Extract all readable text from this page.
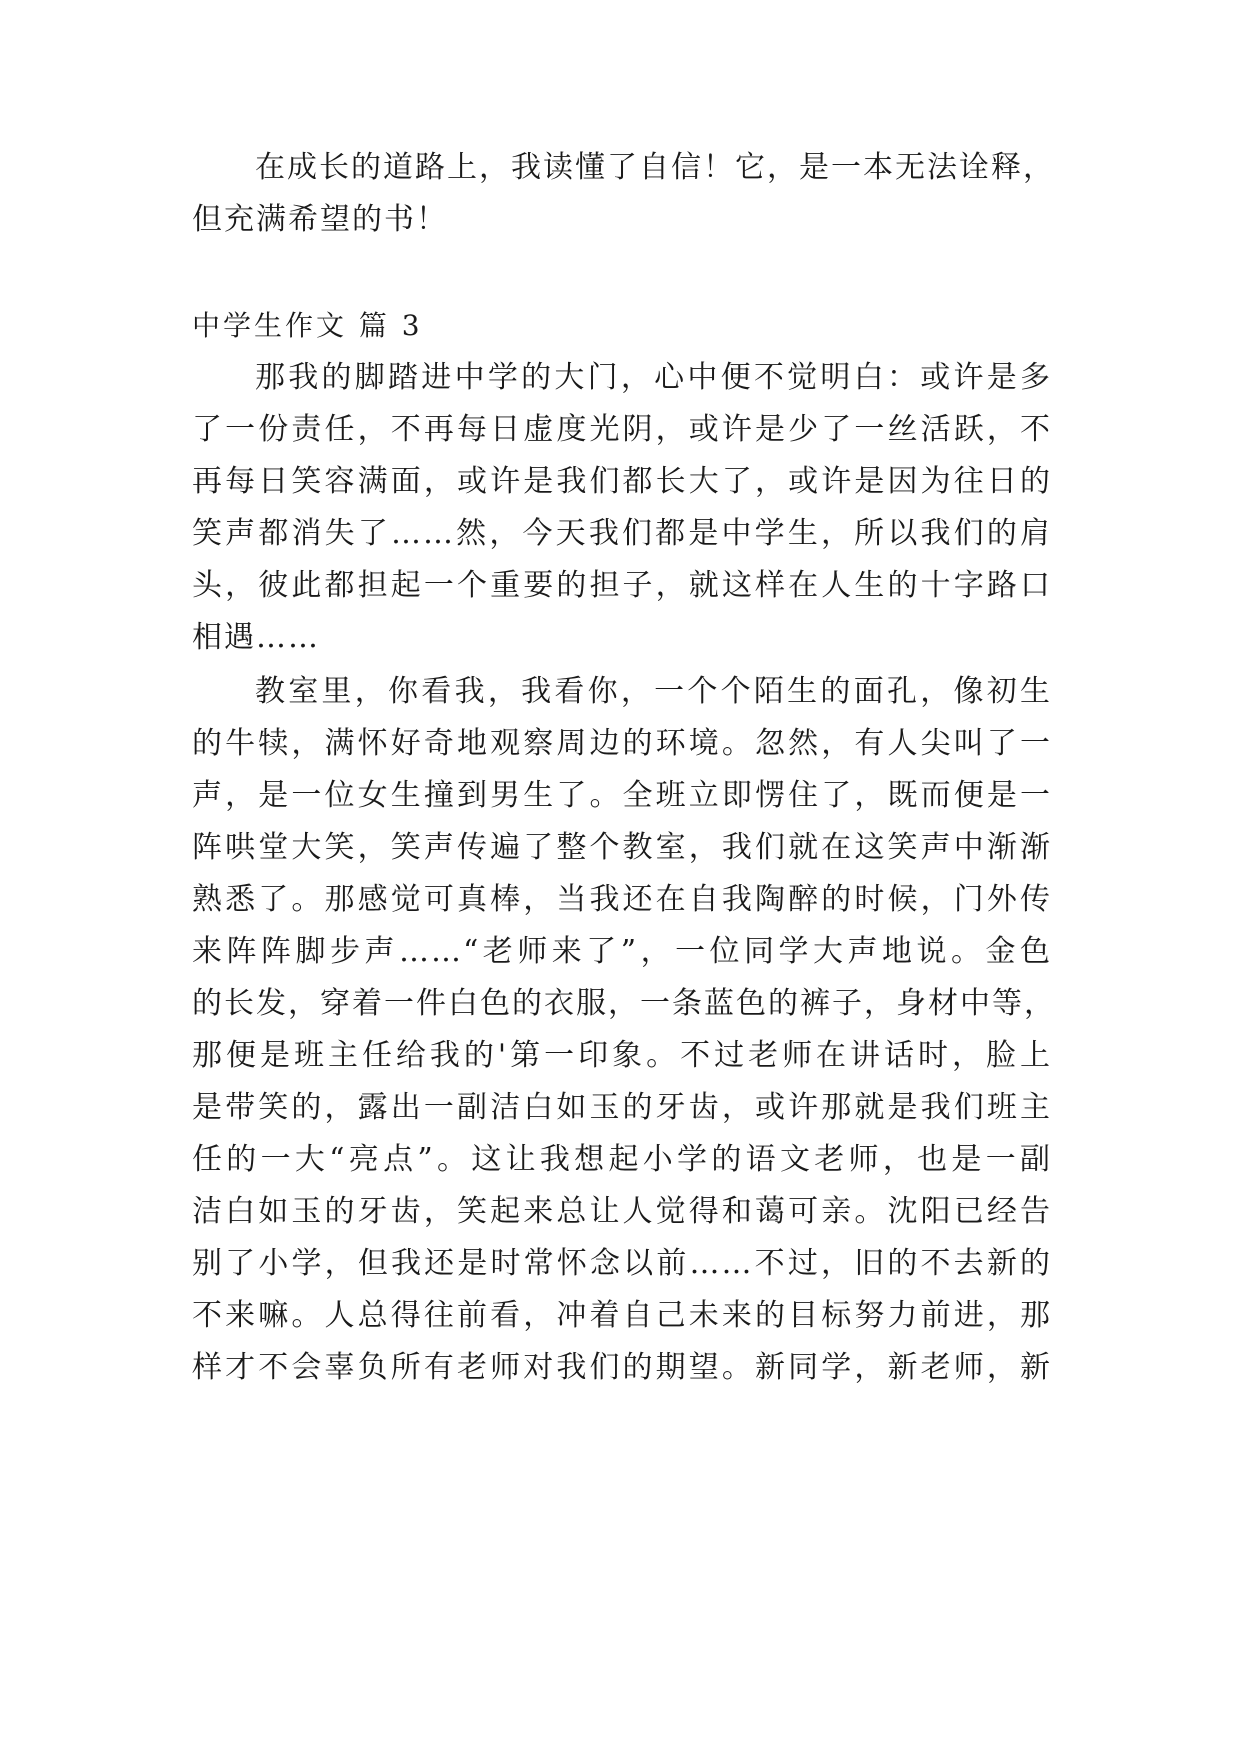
在成长的道路上，我读懂了自信！它，是一本无法诠释，
但充满希望的书！
中学生作文 篇 3
那我的脚踏进中学的大门，心中便不觉明白：或许是多
了一份责任，不再每日虚度光阴，或许是少了一丝活跃，不
再每日笑容满面，或许是我们都长大了，或许是因为往日的
笑声都消失了……然，今天我们都是中学生，所以我们的肩
头，彼此都担起一个重要的担子，就这样在人生的十字路口
相遇……
教室里，你看我，我看你，一个个陌生的面孔，像初生
的牛犊，满怀好奇地观察周边的环境。忽然，有人尖叫了一
声，是一位女生撞到男生了。全班立即愣住了，既而便是一
阵哄堂大笑，笑声传遍了整个教室，我们就在这笑声中渐渐
熟悉了。那感觉可真棒，当我还在自我陶醉的时候，门外传
来阵阵脚步声……“老师来了”，一位同学大声地说。金色
的长发，穿着一件白色的衣服，一条蓝色的裤子，身材中等，
那便是班主任给我的'第一印象。不过老师在讲话时，脸上
是带笑的，露出一副洁白如玉的牙齿，或许那就是我们班主
任的一大“亮点”。这让我想起小学的语文老师，也是一副
洁白如玉的牙齿，笑起来总让人觉得和蔼可亲。沈阳已经告
别了小学，但我还是时常怀念以前……不过，旧的不去新的
不来嘛。人总得往前看，冲着自己未来的目标努力前进，那
样才不会辜负所有老师对我们的期望。新同学，新老师，新
